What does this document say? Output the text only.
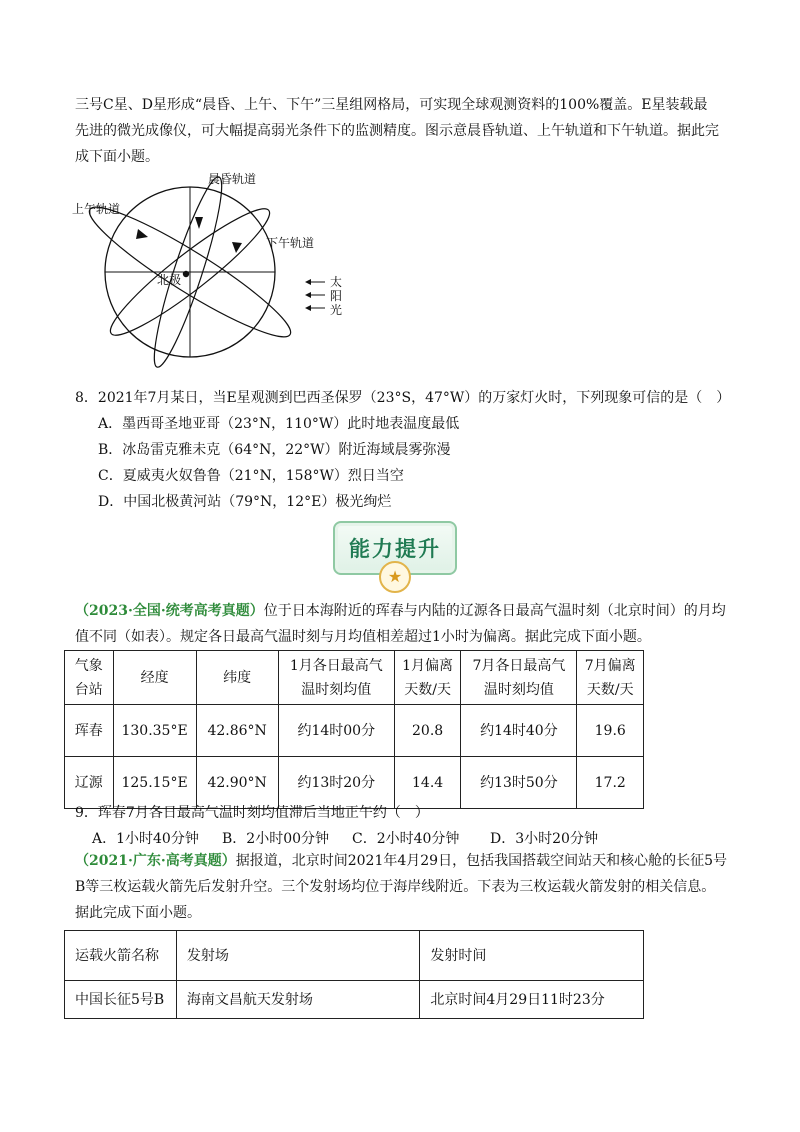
三号C星、D星形成“晨昏、上午、下午”三星组网格局，可实现全球观测资料的100%覆盖。E星装载最
先进的微光成像仪，可大幅提高弱光条件下的监测精度。图示意晨昏轨道、上午轨道和下午轨道。据此完
成下面小题。
北极
晨昏轨道
上午轨道
下午轨道
太
阳
光
8．2021年7月某日，当E星观测到巴西圣保罗（23°S，47°W）的万家灯火时，下列现象可信的是（　）
A．墨西哥圣地亚哥（23°N，110°W）此时地表温度最低
B．冰岛雷克雅未克（64°N，22°W）附近海域晨雾弥漫
C．夏威夷火奴鲁鲁（21°N，158°W）烈日当空
D．中国北极黄河站（79°N，12°E）极光绚烂
能力提升
★
（2023·全国·统考高考真题）位于日本海附近的珲春与内陆的辽源各日最高气温时刻（北京时间）的月均
值不同（如表）。规定各日最高气温时刻与月均值相差超过1小时为偏离。据此完成下面小题。
气象
台站	经度	纬度	1月各日最高气
温时刻均值	1月偏离
天数/天	7月各日最高气
温时刻均值	7月偏离
天数/天
珲春	130.35°E	42.86°N	约14时00分	20.8	约14时40分	19.6
辽源	125.15°E	42.90°N	约13时20分	14.4	约13时50分	17.2
9．珲春7月各日最高气温时刻均值滞后当地正午约（　）
A．1小时40分钟 B．2小时00分钟 C．2小时40分钟 D．3小时20分钟
（2021·广东·高考真题）据报道，北京时间2021年4月29日，包括我国搭载空间站天和核心舱的长征5号
B等三枚运载火箭先后发射升空。三个发射场均位于海岸线附近。下表为三枚运载火箭发射的相关信息。
据此完成下面小题。
运载火箭名称	发射场	发射时间
中国长征5号B	海南文昌航天发射场	北京时间4月29日11时23分
